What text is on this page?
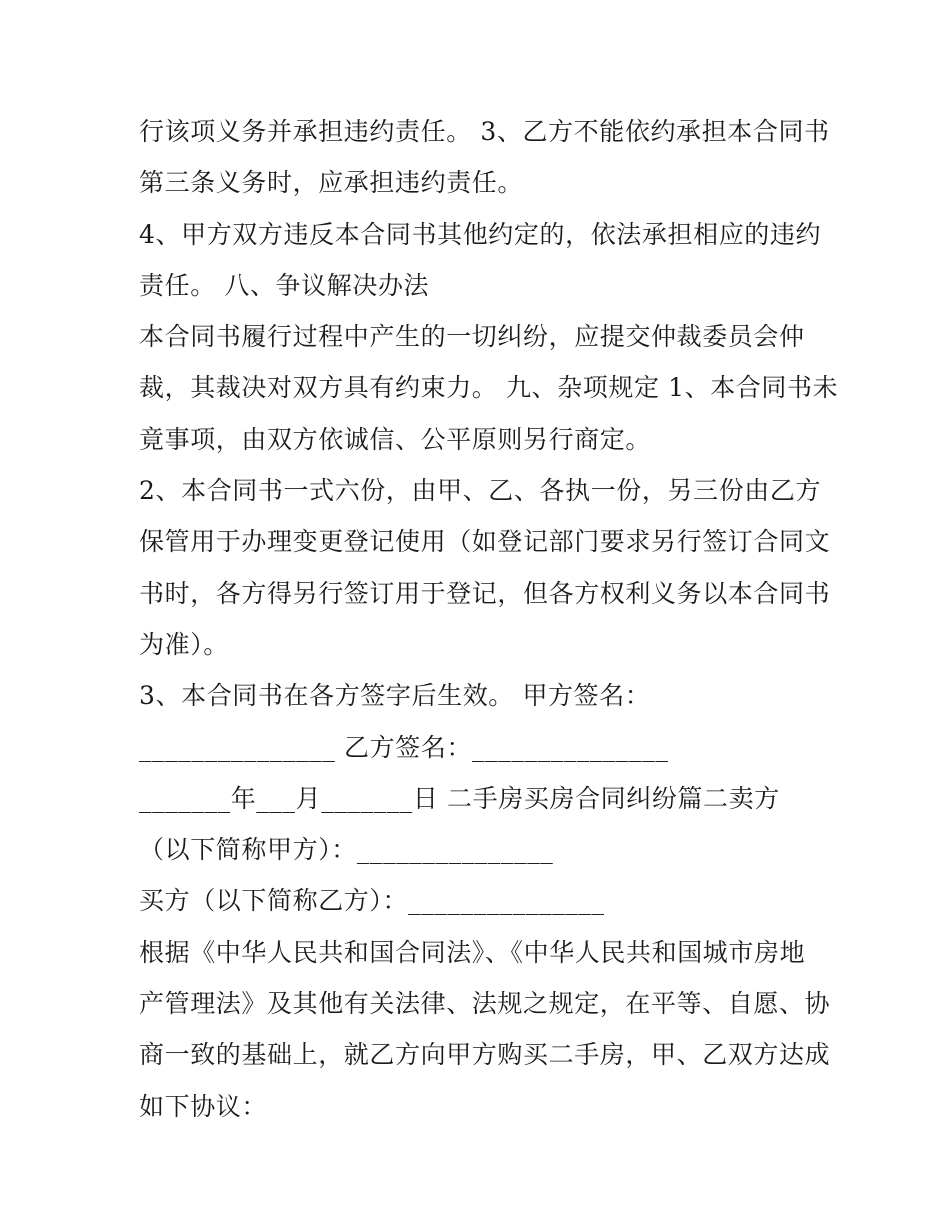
行该项义务并承担违约责任。 3、乙方不能依约承担本合同书
第三条义务时，应承担违约责任。
4、甲方双方违反本合同书其他约定的，依法承担相应的违约
责任。 八、争议解决办法
本合同书履行过程中产生的一切纠纷，应提交仲裁委员会仲
裁，其裁决对双方具有约束力。 九、杂项规定 1、本合同书未
竟事项，由双方依诚信、公平原则另行商定。
2、本合同书一式六份，由甲、乙、各执一份，另三份由乙方
保管用于办理变更登记使用（如登记部门要求另行签订合同文
书时，各方得另行签订用于登记，但各方权利义务以本合同书
为准）。
3、本合同书在各方签字后生效。 甲方签名：
_______________ 乙方签名：_______________
_______年___月_______日 二手房买房合同纠纷篇二卖方
（以下简称甲方）：_______________
买方（以下简称乙方）：_______________
根据《中华人民共和国合同法》、《中华人民共和国城市房地
产管理法》及其他有关法律、法规之规定，在平等、自愿、协
商一致的基础上，就乙方向甲方购买二手房，甲、乙双方达成
如下协议：
